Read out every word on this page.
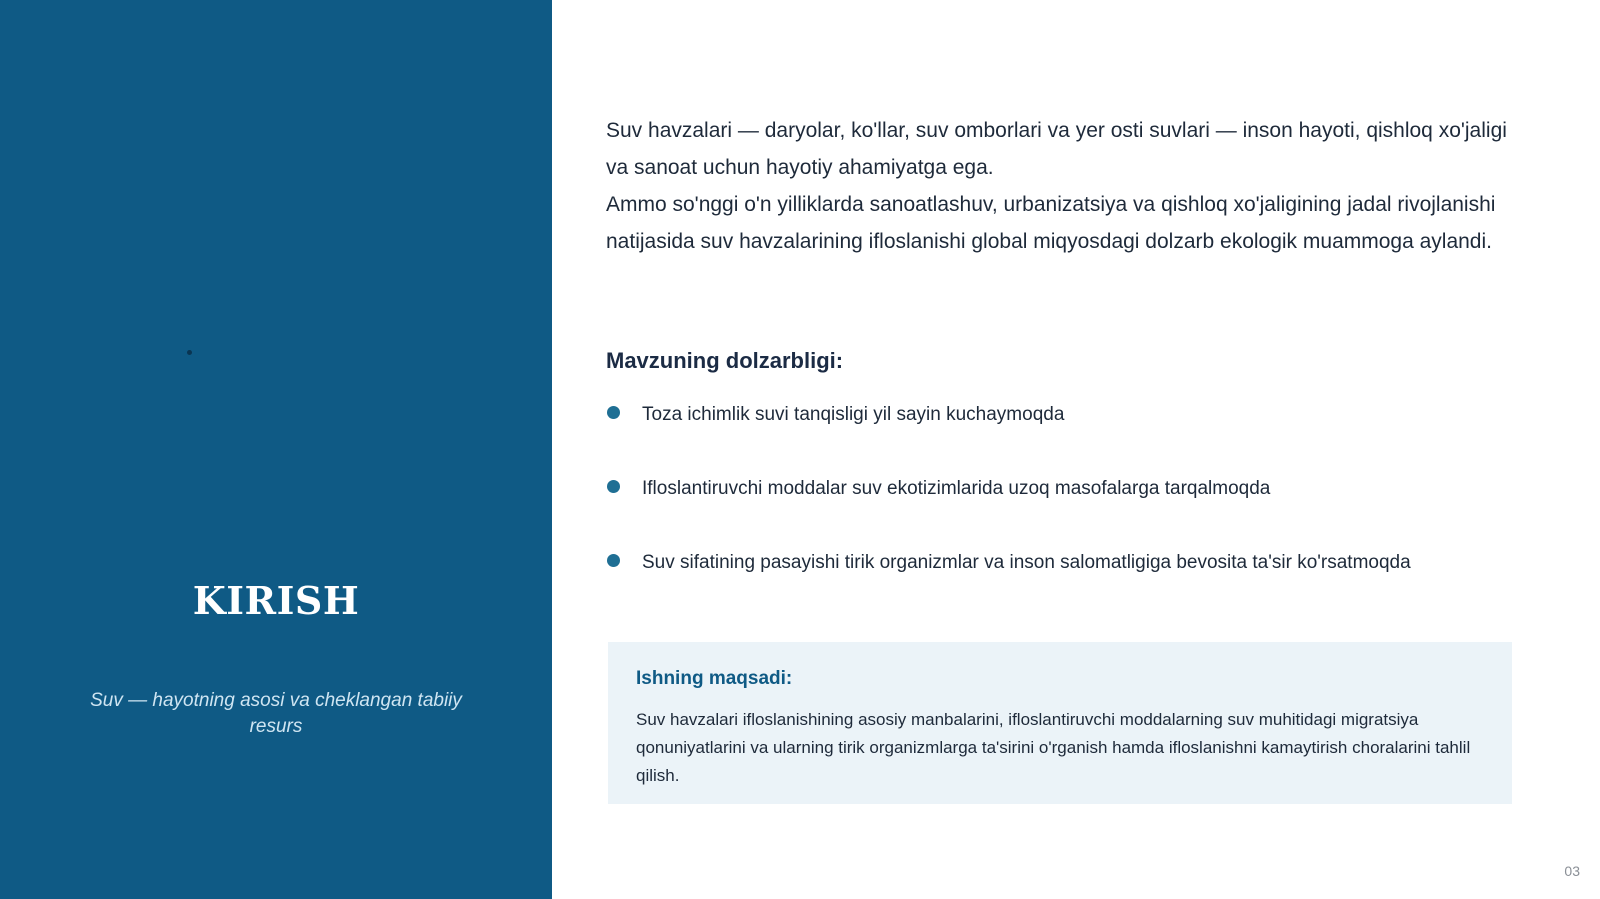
KIRISH

Suv — hayotning asosi va cheklangan tabiiy resurs

Suv havzalari — daryolar, ko'llar, suv omborlari va yer osti suvlari — inson hayoti, qishloq xo'jaligi va sanoat uchun hayotiy ahamiyatga ega.

Ammo so'nggi o'n yilliklarda sanoatlashuv, urbanizatsiya va qishloq xo'jaligining jadal rivojlanishi natijasida suv havzalarining ifloslanishi global miqyosdagi dolzarb ekologik muammoga aylandi.

Mavzuning dolzarbligi:
Toza ichimlik suvi tanqisligi yil sayin kuchaymoqda
Ifloslantiruvchi moddalar suv ekotizimlarida uzoq masofalarga tarqalmoqda
Suv sifatining pasayishi tirik organizmlar va inson salomatligiga bevosita ta'sir ko'rsatmoqda

Ishning maqsadi:

Suv havzalari ifloslanishining asosiy manbalarini, ifloslantiruvchi moddalarning suv muhitidagi migratsiya qonuniyatlarini va ularning tirik organizmlarga ta'sirini o'rganish hamda ifloslanishni kamaytirish choralarini tahlil qilish.

03
